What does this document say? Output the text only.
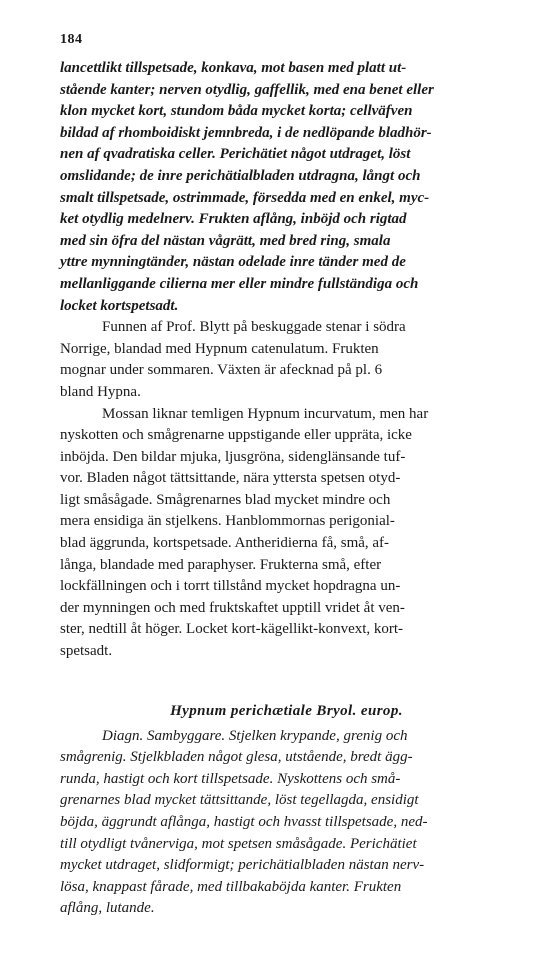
184
lancettlikt tillspetsade, konkava, mot basen med platt ut-
stående kanter; nerven otydlig, gaffellik, med ena benet eller
klon mycket kort, stundom båda mycket korta; cellväfven
bildad af rhomboidiskt jemnbreda, i de nedlöpande bladhör-
nen af qvadratiska celler. Perichätiet något utdraget, löst
omslidande; de inre perichätialbladen utdragna, långt och
smalt tillspetsade, ostrimmade, försedda med en enkel, myc-
ket otydlig medelnerv. Frukten aflång, inböjd och rigtad
med sin öfra del nästan vågrätt, med bred ring, smala
yttre mynningtänder, nästan odelade inre tänder med de
mellanliggande cilierna mer eller mindre fullständiga och
locket kortspetsadt.
Funnen af Prof. Blytt på beskuggade stenar i södra
Norrige, blandad med Hypnum catenulatum. Frukten
mognar under sommaren. Växten är afecknad på pl. 6
bland Hypna.
Mossan liknar temligen Hypnum incurvatum, men har
nyskotten och smågrenarne uppstigande eller uppräta, icke
inböjda. Den bildar mjuka, ljusgröna, sidenglänsande tuf-
vor. Bladen något tättsittande, nära yttersta spetsen otyd-
ligt småsågade. Smågrenarnes blad mycket mindre och
mera ensidiga än stjelkens. Hanblommornas perigonial-
blad äggrunda, kortspetsade. Antheridierna få, små, af-
långa, blandade med paraphyser. Frukterna små, efter
lockfällningen och i torrt tillstånd mycket hopdragna un-
der mynningen och med fruktskaftet upptill vridet åt ven-
ster, nedtill åt höger. Locket kort-kägellikt-konvext, kort-
spetsadt.
Hypnum perichætiale Bryol. europ.
Diagn. Sambyggare. Stjelken krypande, grenig och
smågrenig. Stjelkbladen något glesa, utstående, bredt ägg-
runda, hastigt och kort tillspetsade. Nyskottens och små-
grenarnes blad mycket tättsittande, löst tegellagda, ensidigt
böjda, äggrundt aflånga, hastigt och hvasst tillspetsade, ned-
till otydligt tvånerviga, mot spetsen småsågade. Perichätiet
mycket utdraget, slidformigt; perichätialbladen nästan nerv-
lösa, knappast fårade, med tillbakaböjda kanter. Frukten
aflång, lutande.
